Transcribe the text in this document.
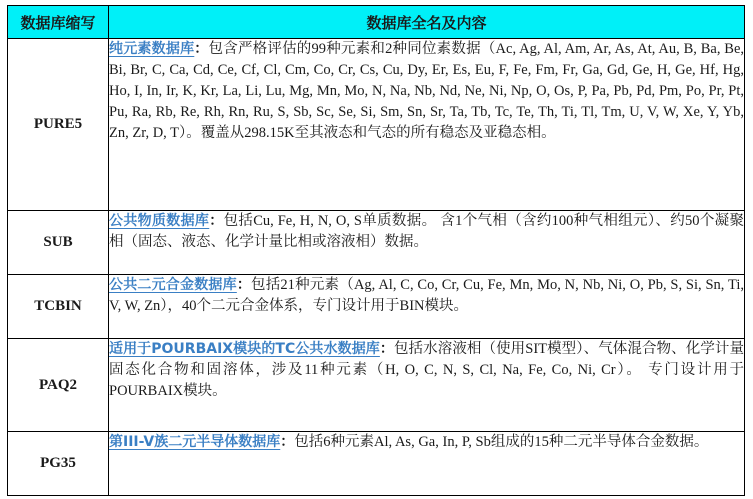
数据库缩写	数据库全名及内容
PURE5	纯元素数据库：包含严格评估的99种元素和2种同位素数据（Ac, Ag, Al, Am, Ar, As, At, Au, B, Ba, Be, Bi, Br, C, Ca, Cd, Ce, Cf, Cl, Cm, Co, Cr, Cs, Cu, Dy, Er, Es, Eu, F, Fe, Fm, Fr, Ga, Gd, Ge, H, Ge, Hf, Hg, Ho, I, In, Ir, K, Kr, La, Li, Lu, Mg, Mn, Mo, N, Na, Nb, Nd, Ne, Ni, Np, O, Os, P, Pa, Pb, Pd, Pm, Po, Pr, Pt, Pu, Ra, Rb, Re, Rh, Rn, Ru, S, Sb, Sc, Se, Si, Sm, Sn, Sr, Ta, Tb, Tc, Te, Th, Ti, Tl, Tm, U, V, W, Xe, Y, Yb, Zn, Zr, D, T）。覆盖从298.15K至其液态和气态的所有稳态及亚稳态相。
SUB	公共物质数据库：包括Cu, Fe, H, N, O, S单质数据。 含1个气相（含约100种气相组元）、约50个凝聚相（固态、液态、化学计量比相或溶液相）数据。
TCBIN	公共二元合金数据库：包括21种元素（Ag, Al, C, Co, Cr, Cu, Fe, Mn, Mo, N, Nb, Ni, O, Pb, S, Si, Sn, Ti, V, W, Zn），40个二元合金体系，专门设计用于BIN模块。
PAQ2	适用于POURBAIX模块的TC公共水数据库：包括水溶液相（使用SIT模型）、气体混合物、化学计量固态化合物和固溶体，涉及11种元素（H, O, C, N, S, Cl, Na, Fe, Co, Ni, Cr）。 专门设计用于POURBAIX模块。
PG35	第III-V族二元半导体数据库：包括6种元素Al, As, Ga, In, P, Sb组成的15种二元半导体合金数据。
